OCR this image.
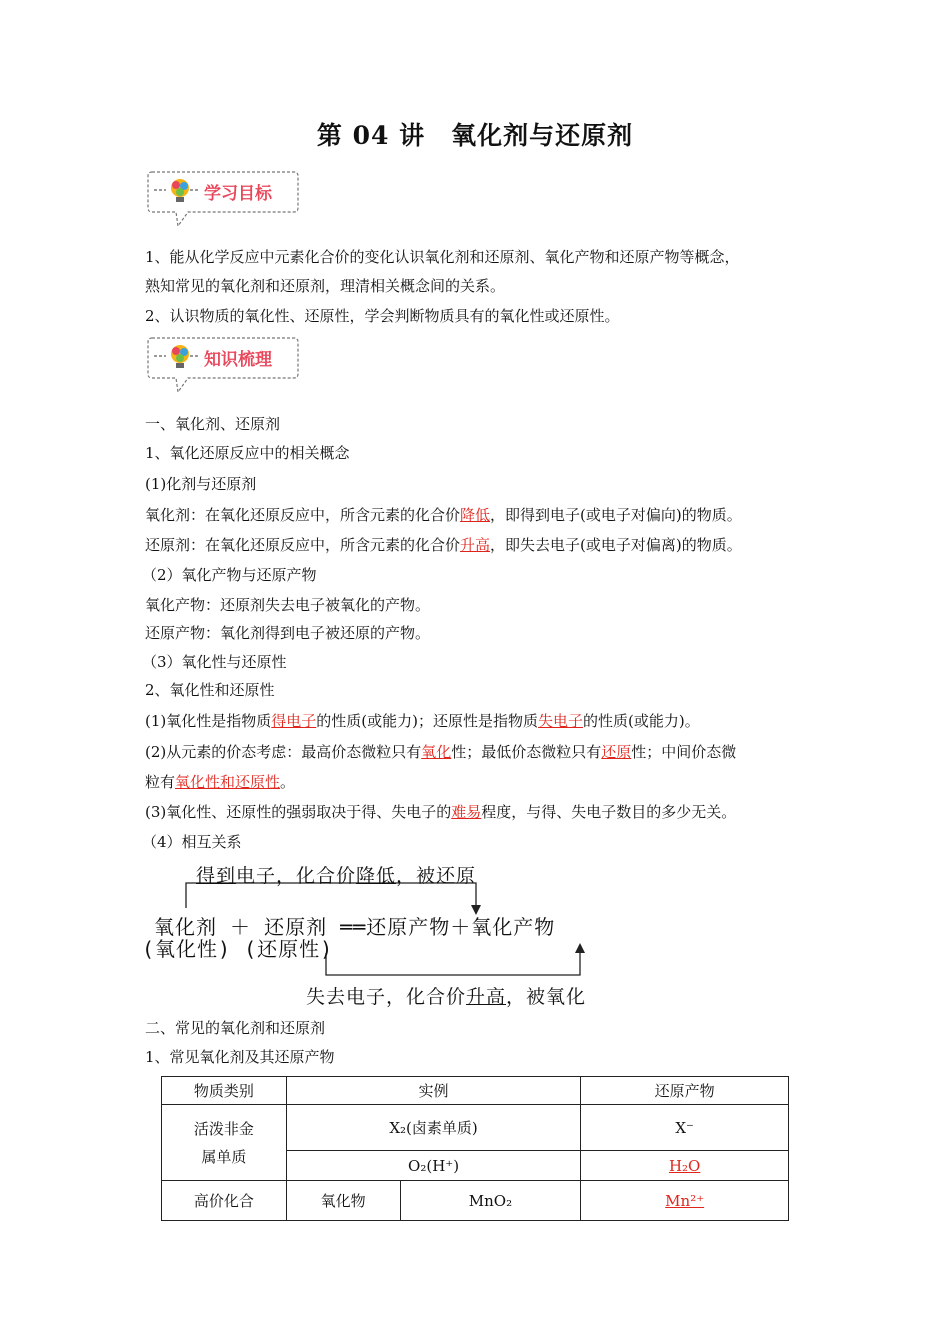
第 04 讲　氧化剂与还原剂
学习目标
1、能从化学反应中元素化合价的变化认识氧化剂和还原剂、氧化产物和还原产物等概念，
熟知常见的氧化剂和还原剂，理清相关概念间的关系。
2、认识物质的氧化性、还原性，学会判断物质具有的氧化性或还原性。
知识梳理
一、氧化剂、还原剂
1、氧化还原反应中的相关概念
(1)化剂与还原剂
氧化剂：在氧化还原反应中，所含元素的化合价降低，即得到电子(或电子对偏向)的物质。
还原剂：在氧化还原反应中，所含元素的化合价升高，即失去电子(或电子对偏离)的物质。
（2）氧化产物与还原产物
氧化产物：还原剂失去电子被氧化的产物。
还原产物：氧化剂得到电子被还原的产物。
（3）氧化性与还原性
2、氧化性和还原性
(1)氧化性是指物质得电子的性质(或能力)；还原性是指物质失电子的性质(或能力)。
(2)从元素的价态考虑：最高价态微粒只有氧化性；最低价态微粒只有还原性；中间价态微
粒有氧化性和还原性。
(3)氧化性、还原性的强弱取决于得、失电子的难易程度，与得、失电子数目的多少无关。
（4）相互关系
得到电子，化合价降低，被还原
氧化剂 ＋ 还原剂 ══还原产物＋氧化产物
(氧化性) (还原性)
失去电子，化合价升高，被氧化
二、常见的氧化剂和还原剂
1、常见氧化剂及其还原产物
物质类别	实例		还原产物
活泼非金
属单质	X₂(卤素单质)		X⁻
	O₂(H⁺)		H₂O
高价化合	氧化物	MnO₂	Mn²⁺
